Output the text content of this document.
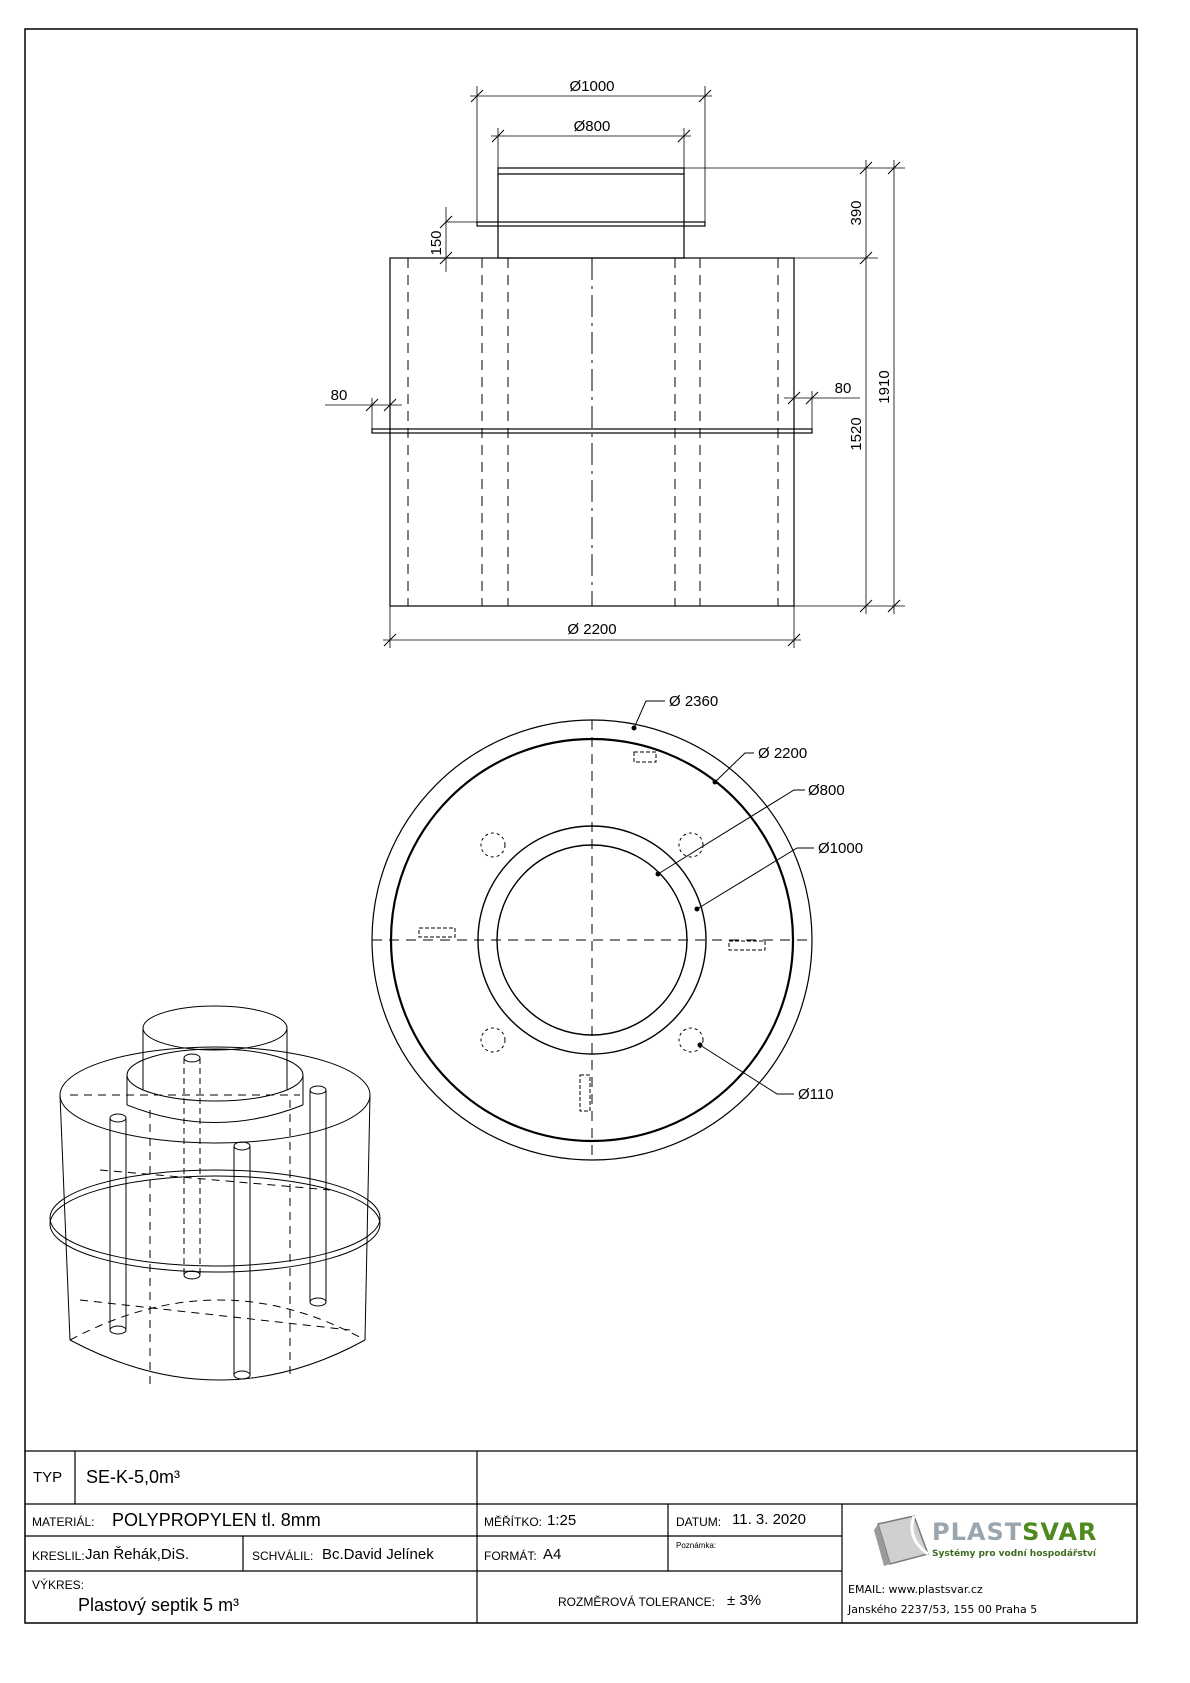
Ø1000
Ø800
150
390
1910
1520
80	80
Ø 2200
Ø 2360
Ø 2200
Ø800
Ø1000
Ø110
TYP SE-K-5,0m³
MATERIÁL: POLYPROPYLEN tl. 8mm	MĚŘÍTKO: 1:25	DATUM: 11. 3. 2020
Poznámka:
KRESLIL: Jan Řehák,DiS.	SCHVÁLIL: Bc.David Jelínek	FORMÁT: A4
VÝKRES:
Plastový septik 5 m³	ROZMĚROVÁ TOLERANCE: ± 3%
PLASTSVAR
Systémy pro vodní hospodářství
EMAIL: www.plastsvar.cz
Janského 2237/53, 155 00 Praha 5
